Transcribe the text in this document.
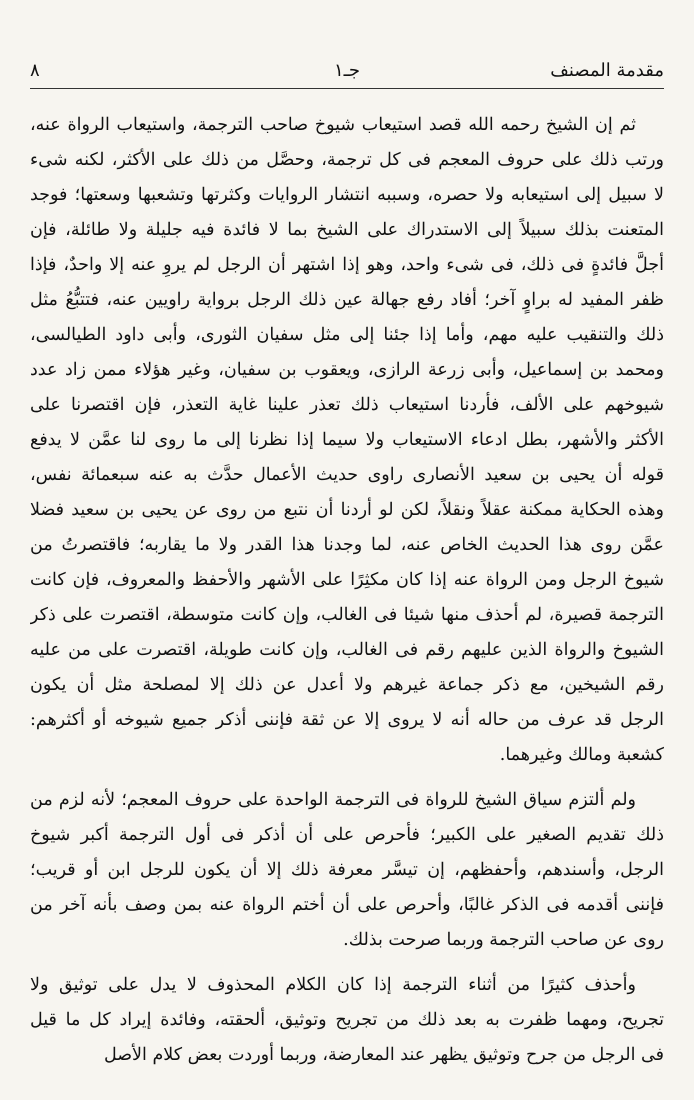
٨	جـ١	مقدمة المصنف
ثم إن الشيخ رحمه الله قصد استيعاب شيوخ صاحب الترجمة، واستيعاب الرواة عنه،
ورتب ذلك على حروف المعجم فى كل ترجمة، وحصَّل من ذلك على الأكثر، لكنه شىء
لا سبيل إلى استيعابه ولا حصره، وسببه انتشار الروايات وكثرتها وتشعبها وسعتها؛ فوجد
المتعنت بذلك سبيلاً إلى الاستدراك على الشيخ بما لا فائدة فيه جليلة ولا طائلة، فإن
أجلَّ فائدةٍ فى ذلك، فى شىء واحد، وهو إذا اشتهر أن الرجل لم يروِ عنه إلا واحدٌ، فإذا
ظفر المفيد له براوٍ آخر؛ أفاد رفع جهالة عين ذلك الرجل برواية راويين عنه، فتتبُّعُ مثل
ذلك والتنقيب عليه مهم، وأما إذا جئنا إلى مثل سفيان الثورى، وأبى داود الطيالسى،
ومحمد بن إسماعيل، وأبى زرعة الرازى، ويعقوب بن سفيان، وغير هؤلاء ممن زاد عدد
شيوخهم على الألف، فأردنا استيعاب ذلك تعذر علينا غاية التعذر، فإن اقتصرنا على
الأكثر والأشهر، بطل ادعاء الاستيعاب ولا سيما إذا نظرنا إلى ما روى لنا عمَّن لا يدفع
قوله أن يحيى بن سعيد الأنصارى راوى حديث الأعمال حدَّث به عنه سبعمائة نفس،
وهذه الحكاية ممكنة عقلاً ونقلاً، لكن لو أردنا أن نتبع من روى عن يحيى بن سعيد فضلا
عمَّن روى هذا الحديث الخاص عنه، لما وجدنا هذا القدر ولا ما يقاربه؛ فاقتصرتُ من
شيوخ الرجل ومن الرواة عنه إذا كان مكثِرًا على الأشهر والأحفظ والمعروف، فإن كانت
الترجمة قصيرة، لم أحذف منها شيئا فى الغالب، وإن كانت متوسطة، اقتصرت على ذكر
الشيوخ والرواة الذين عليهم رقم فى الغالب، وإن كانت طويلة، اقتصرت على من عليه
رقم الشيخين، مع ذكر جماعة غيرهم ولا أعدل عن ذلك إلا لمصلحة مثل أن يكون
الرجل قد عرف من حاله أنه لا يروى إلا عن ثقة فإننى أذكر جميع شيوخه أو أكثرهم:
كشعبة ومالك وغيرهما.
ولم ألتزم سياق الشيخ للرواة فى الترجمة الواحدة على حروف المعجم؛ لأنه لزم من
ذلك تقديم الصغير على الكبير؛ فأحرص على أن أذكر فى أول الترجمة أكبر شيوخ
الرجل، وأسندهم، وأحفظهم، إن تيسَّر معرفة ذلك إلا أن يكون للرجل ابن أو قريب؛
فإننى أقدمه فى الذكر غالبًا، وأحرص على أن أختم الرواة عنه بمن وصف بأنه آخر من
روى عن صاحب الترجمة وربما صرحت بذلك.
وأحذف كثيرًا من أثناء الترجمة إذا كان الكلام المحذوف لا يدل على توثيق ولا
تجريح، ومهما ظفرت به بعد ذلك من تجريح وتوثيق، ألحقته، وفائدة إيراد كل ما قيل
فى الرجل من جرح وتوثيق يظهر عند المعارضة، وربما أوردت بعض كلام الأصل
